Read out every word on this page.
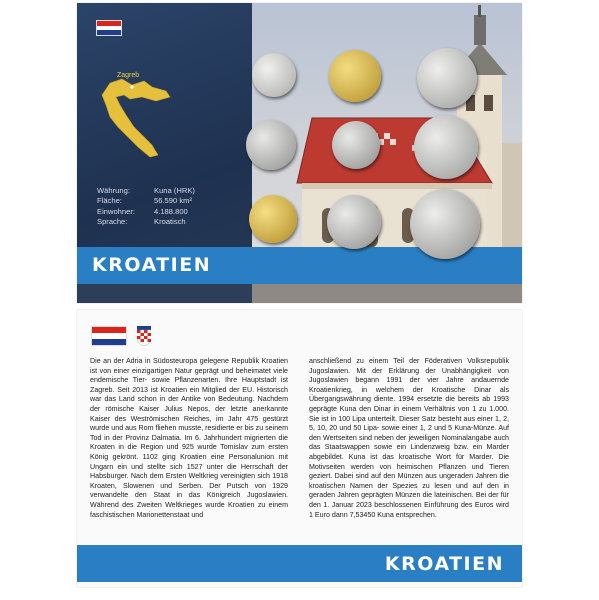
Zagreb
Währung:	Kuna (HRK)
Fläche:	56.590 km²
Einwohner:	4.188.800
Sprache:	Kroatisch
KROATIEN
Die an der Adria in Südosteuropa gelegene Republik Kroatien ist von einer einzigartigen Natur geprägt und beheimatet viele endemische Tier- sowie Pflanzenarten. Ihre Hauptstadt ist Zagreb. Seit 2013 ist Kroatien ein Mitglied der EU. Historisch war das Land schon in der Antike von Bedeutung. Nachdem der römische Kaiser Julius Nepos, der letzte anerkannte Kaiser des Weströmischen Reiches, im Jahr 475 gestürzt wurde und aus Rom fliehen musste, residierte er bis zu seinem Tod in der Provinz Dalmatia. Im 6. Jahrhundert migrierten die Kroaten in die Region und 925 wurde Tomislav zum ersten König gekrönt. 1102 ging Kroatien eine Personalunion mit Ungarn ein und stellte sich 1527 unter die Herrschaft der Habsburger. Nach dem Ersten Weltkrieg vereinigten sich 1918 Kroaten, Slowenen und Serben. Der Putsch von 1929 verwandelte den Staat in das Königreich Jugoslawien. Während des Zweiten Weltkrieges wurde Kroatien zu einem faschistischen Marionettenstaat und
anschließend zu einem Teil der Föderativen Volksrepublik Jugoslawien. Mit der Erklärung der Unabhängigkeit von Jugoslawien begann 1991 der vier Jahre andauernde Kroatienkrieg, in welchem der Kroatische Dinar als Übergangswährung diente. 1994 ersetzte die bereits ab 1993 geprägte Kuna den Dinar in einem Verhältnis von 1 zu 1.000. Sie ist in 100 Lipa unterteilt. Dieser Satz besteht aus einer 1, 2, 5, 10, 20 und 50 Lipa- sowie einer 1, 2 und 5 Kuna-Münze. Auf den Wertseiten sind neben der jeweiligen Nominalangabe auch das Staatswappen sowie ein Lindenzweig bzw. ein Marder abgebildet. Kuna ist das kroatische Wort für Marder. Die Motivseiten werden von heimischen Pflanzen und Tieren geziert. Dabei sind auf den Münzen aus ungeraden Jahren die kroatischen Namen der Spezies zu lesen und auf den in geraden Jahren geprägten Münzen die lateinischen. Bei der für den 1. Januar 2023 beschlossenen Einführung des Euros wird 1 Euro dann 7,53450 Kuna entsprechen.
KROATIEN
